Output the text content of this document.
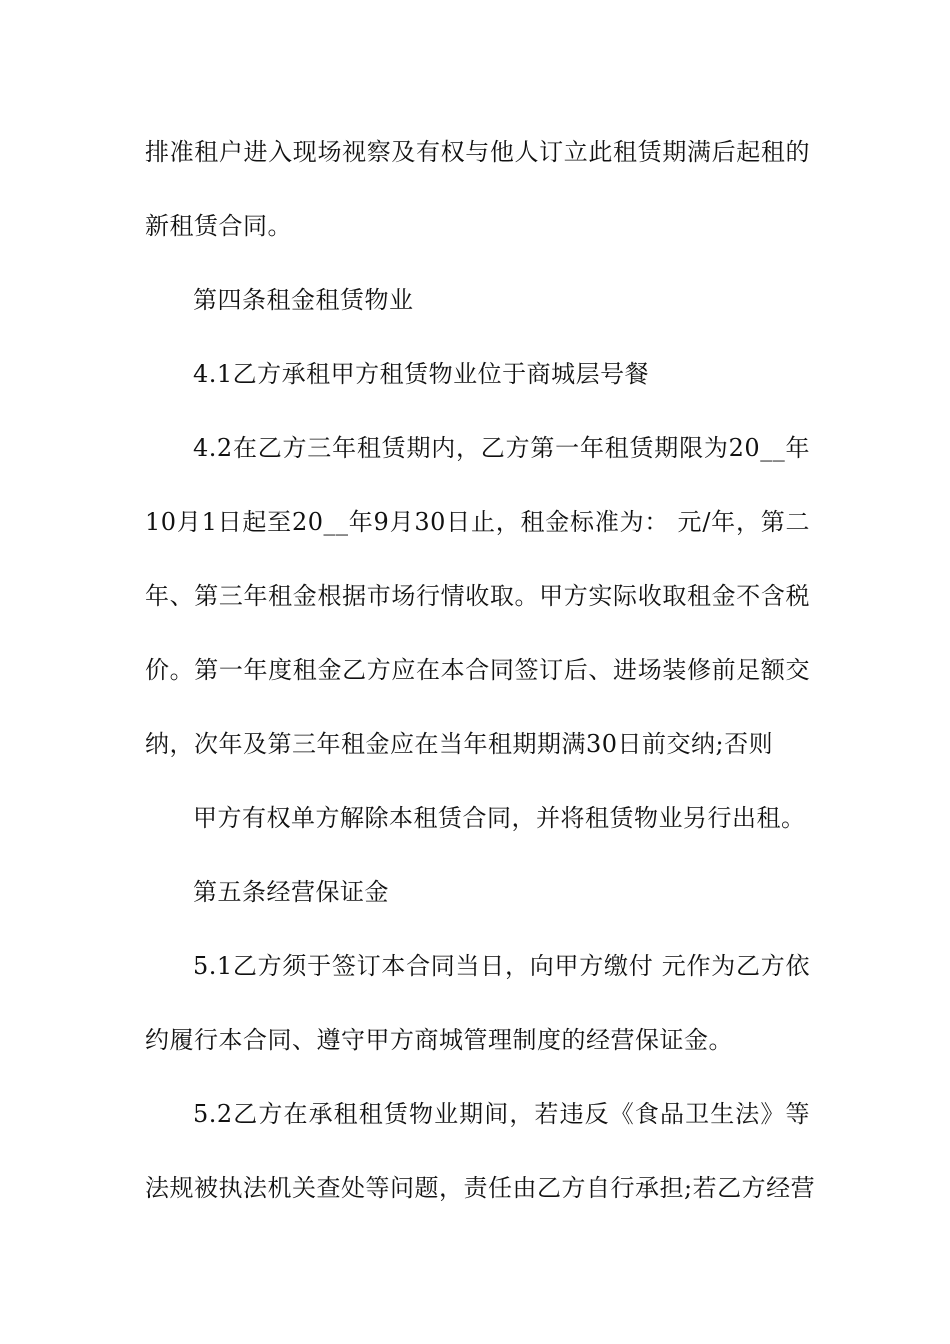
排准租户进入现场视察及有权与他人订立此租赁期满后起租的
新租赁合同。
第四条租金租赁物业
4.1乙方承租甲方租赁物业位于商城层号餐
4.2在乙方三年租赁期内，乙方第一年租赁期限为20__年
10月1日起至20__年9月30日止，租金标准为： 元/年，第二
年、第三年租金根据市场行情收取。甲方实际收取租金不含税
价。第一年度租金乙方应在本合同签订后、进场装修前足额交
纳，次年及第三年租金应在当年租期期满30日前交纳;否则
甲方有权单方解除本租赁合同，并将租赁物业另行出租。
第五条经营保证金
5.1乙方须于签订本合同当日，向甲方缴付 元作为乙方依
约履行本合同、遵守甲方商城管理制度的经营保证金。
5.2乙方在承租租赁物业期间，若违反《食品卫生法》等
法规被执法机关查处等问题，责任由乙方自行承担;若乙方经营
